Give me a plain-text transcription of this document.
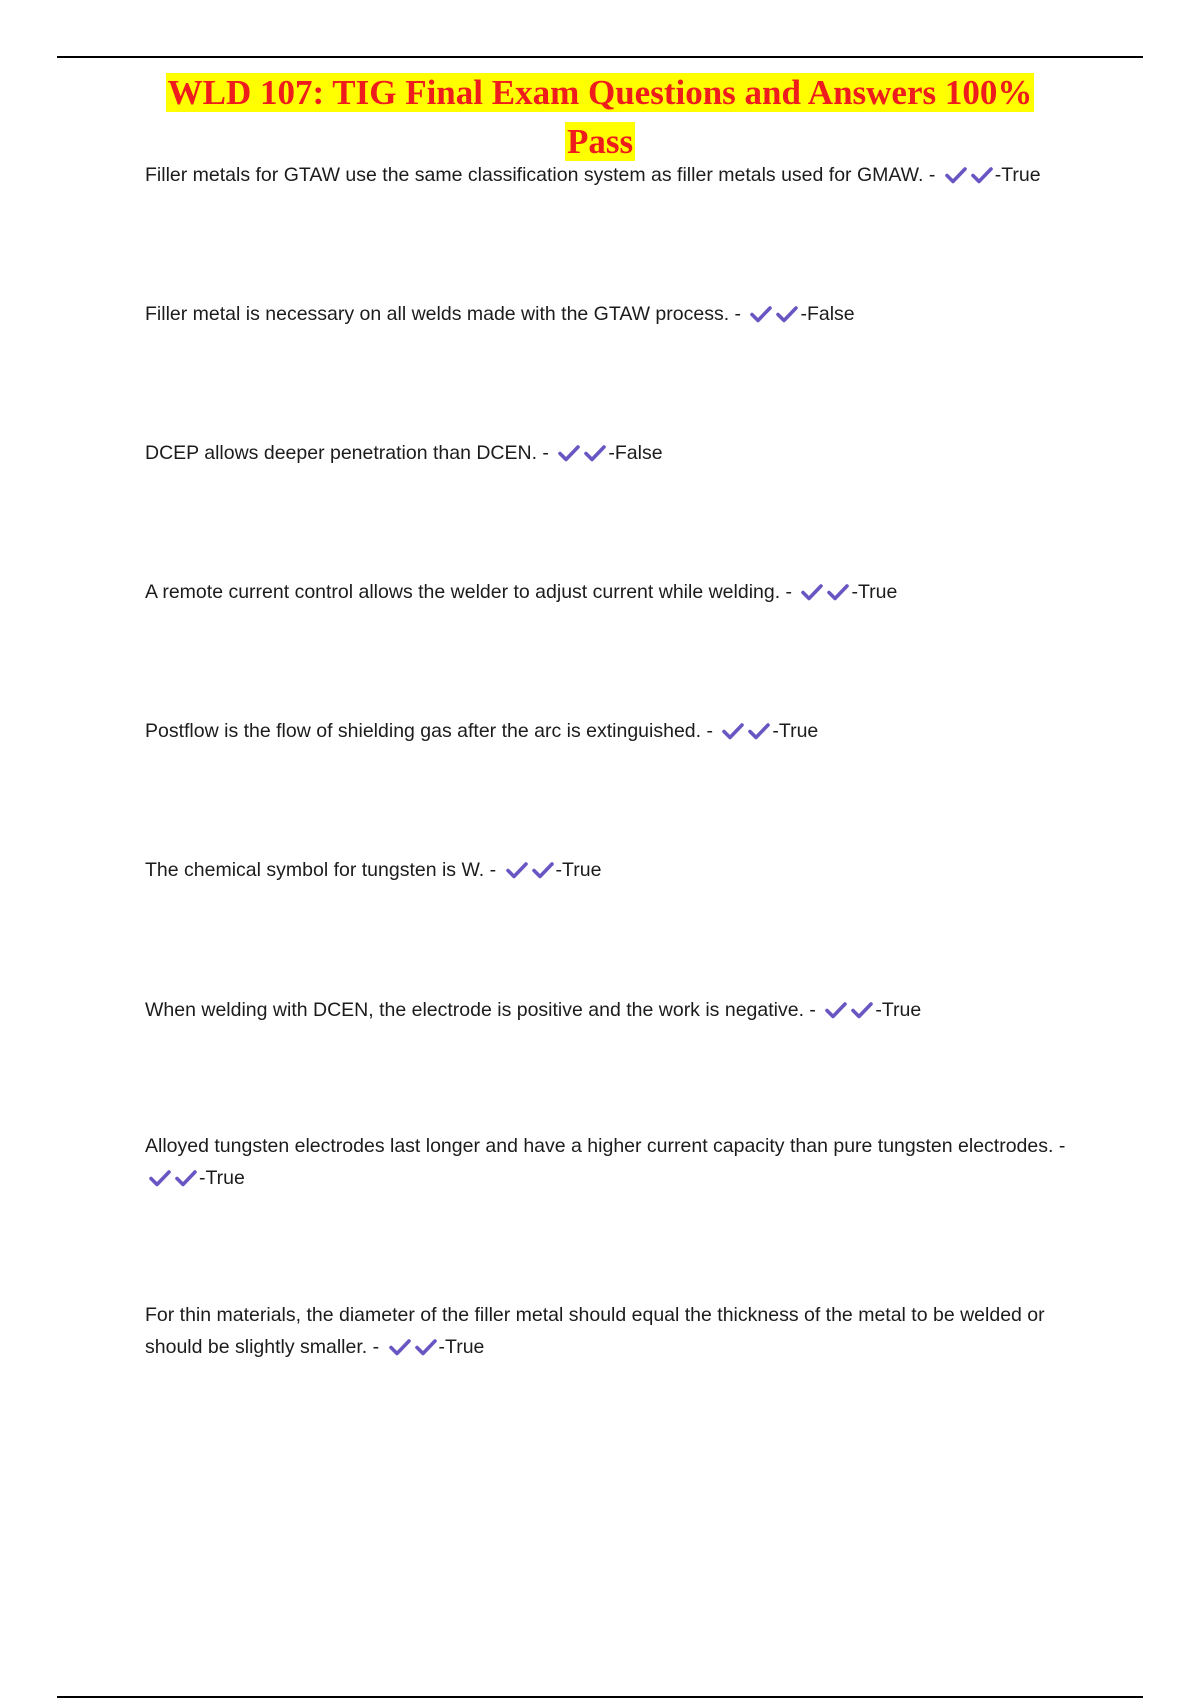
WLD 107: TIG Final Exam Questions and Answers 100% Pass
Filler metals for GTAW use the same classification system as filler metals used for GMAW. -	-True
Filler metal is necessary on all welds made with the GTAW process. -	-False
DCEP allows deeper penetration than DCEN. -	-False
A remote current control allows the welder to adjust current while welding. -	-True
Postflow is the flow of shielding gas after the arc is extinguished. -	-True
The chemical symbol for tungsten is W. -	-True
When welding with DCEN, the electrode is positive and the work is negative. -	-True
Alloyed tungsten electrodes last longer and have a higher current capacity than pure tungsten electrodes. -
-True
For thin materials, the diameter of the filler metal should equal the thickness of the metal to be welded or should be slightly smaller. -	-True
